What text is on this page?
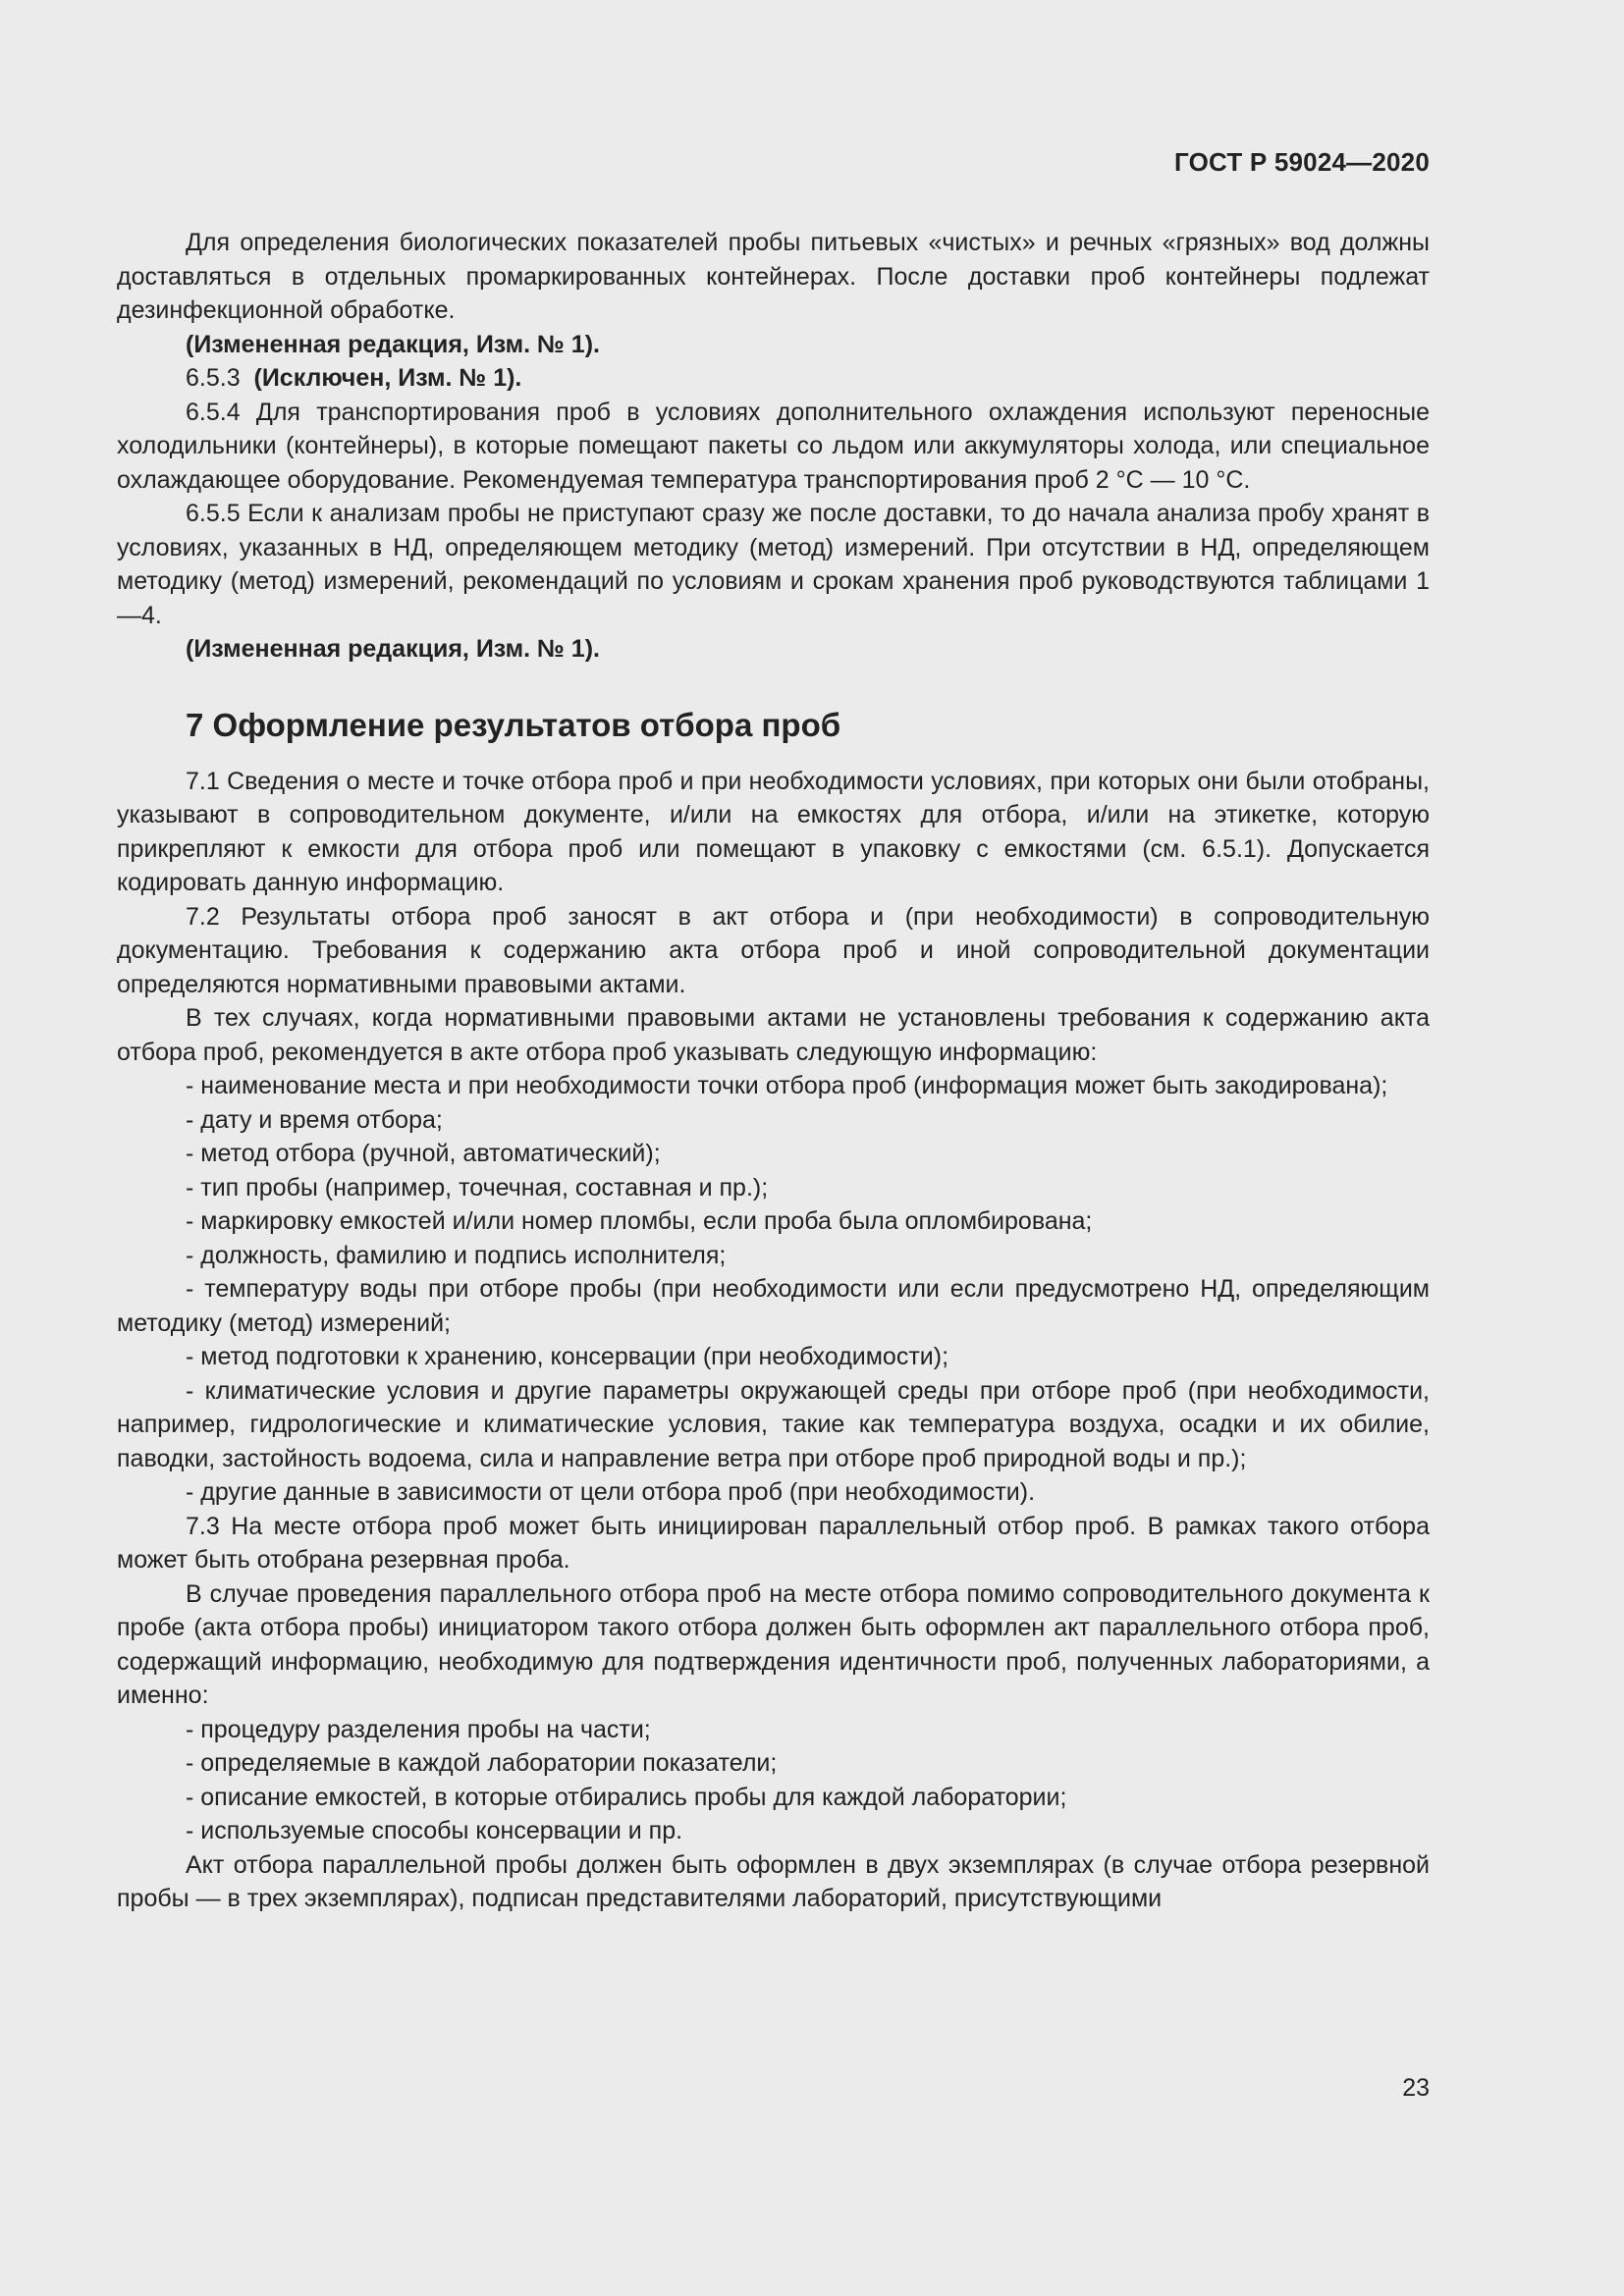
ГОСТ Р 59024—2020

Для определения биологических показателей пробы питьевых «чистых» и речных «грязных» вод должны доставляться в отдельных промаркированных контейнерах. После доставки проб контейнеры подлежат дезинфекционной обработке.

(Измененная редакция, Изм. № 1).

6.5.3 (Исключен, Изм. № 1).

6.5.4 Для транспортирования проб в условиях дополнительного охлаждения используют переносные холодильники (контейнеры), в которые помещают пакеты со льдом или аккумуляторы холода, или специальное охлаждающее оборудование. Рекомендуемая температура транспортирования проб 2 °С — 10 °С.

6.5.5 Если к анализам пробы не приступают сразу же после доставки, то до начала анализа пробу хранят в условиях, указанных в НД, определяющем методику (метод) измерений. При отсутствии в НД, определяющем методику (метод) измерений, рекомендаций по условиям и срокам хранения проб руководствуются таблицами 1—4.

(Измененная редакция, Изм. № 1).

7 Оформление результатов отбора проб

7.1 Сведения о месте и точке отбора проб и при необходимости условиях, при которых они были отобраны, указывают в сопроводительном документе, и/или на емкостях для отбора, и/или на этикетке, которую прикрепляют к емкости для отбора проб или помещают в упаковку с емкостями (см. 6.5.1). Допускается кодировать данную информацию.

7.2 Результаты отбора проб заносят в акт отбора и (при необходимости) в сопроводительную документацию. Требования к содержанию акта отбора проб и иной сопроводительной документации определяются нормативными правовыми актами.

В тех случаях, когда нормативными правовыми актами не установлены требования к содержанию акта отбора проб, рекомендуется в акте отбора проб указывать следующую информацию:

- наименование места и при необходимости точки отбора проб (информация может быть закодирована);

- дату и время отбора;

- метод отбора (ручной, автоматический);

- тип пробы (например, точечная, составная и пр.);

- маркировку емкостей и/или номер пломбы, если проба была опломбирована;

- должность, фамилию и подпись исполнителя;

- температуру воды при отборе пробы (при необходимости или если предусмотрено НД, определяющим методику (метод) измерений;

- метод подготовки к хранению, консервации (при необходимости);

- климатические условия и другие параметры окружающей среды при отборе проб (при необходимости, например, гидрологические и климатические условия, такие как температура воздуха, осадки и их обилие, паводки, застойность водоема, сила и направление ветра при отборе проб природной воды и пр.);

- другие данные в зависимости от цели отбора проб (при необходимости).

7.3 На месте отбора проб может быть инициирован параллельный отбор проб. В рамках такого отбора может быть отобрана резервная проба.

В случае проведения параллельного отбора проб на месте отбора помимо сопроводительного документа к пробе (акта отбора пробы) инициатором такого отбора должен быть оформлен акт параллельного отбора проб, содержащий информацию, необходимую для подтверждения идентичности проб, полученных лабораториями, а именно:

- процедуру разделения пробы на части;

- определяемые в каждой лаборатории показатели;

- описание емкостей, в которые отбирались пробы для каждой лаборатории;

- используемые способы консервации и пр.

Акт отбора параллельной пробы должен быть оформлен в двух экземплярах (в случае отбора резервной пробы — в трех экземплярах), подписан представителями лабораторий, присутствующими

23
